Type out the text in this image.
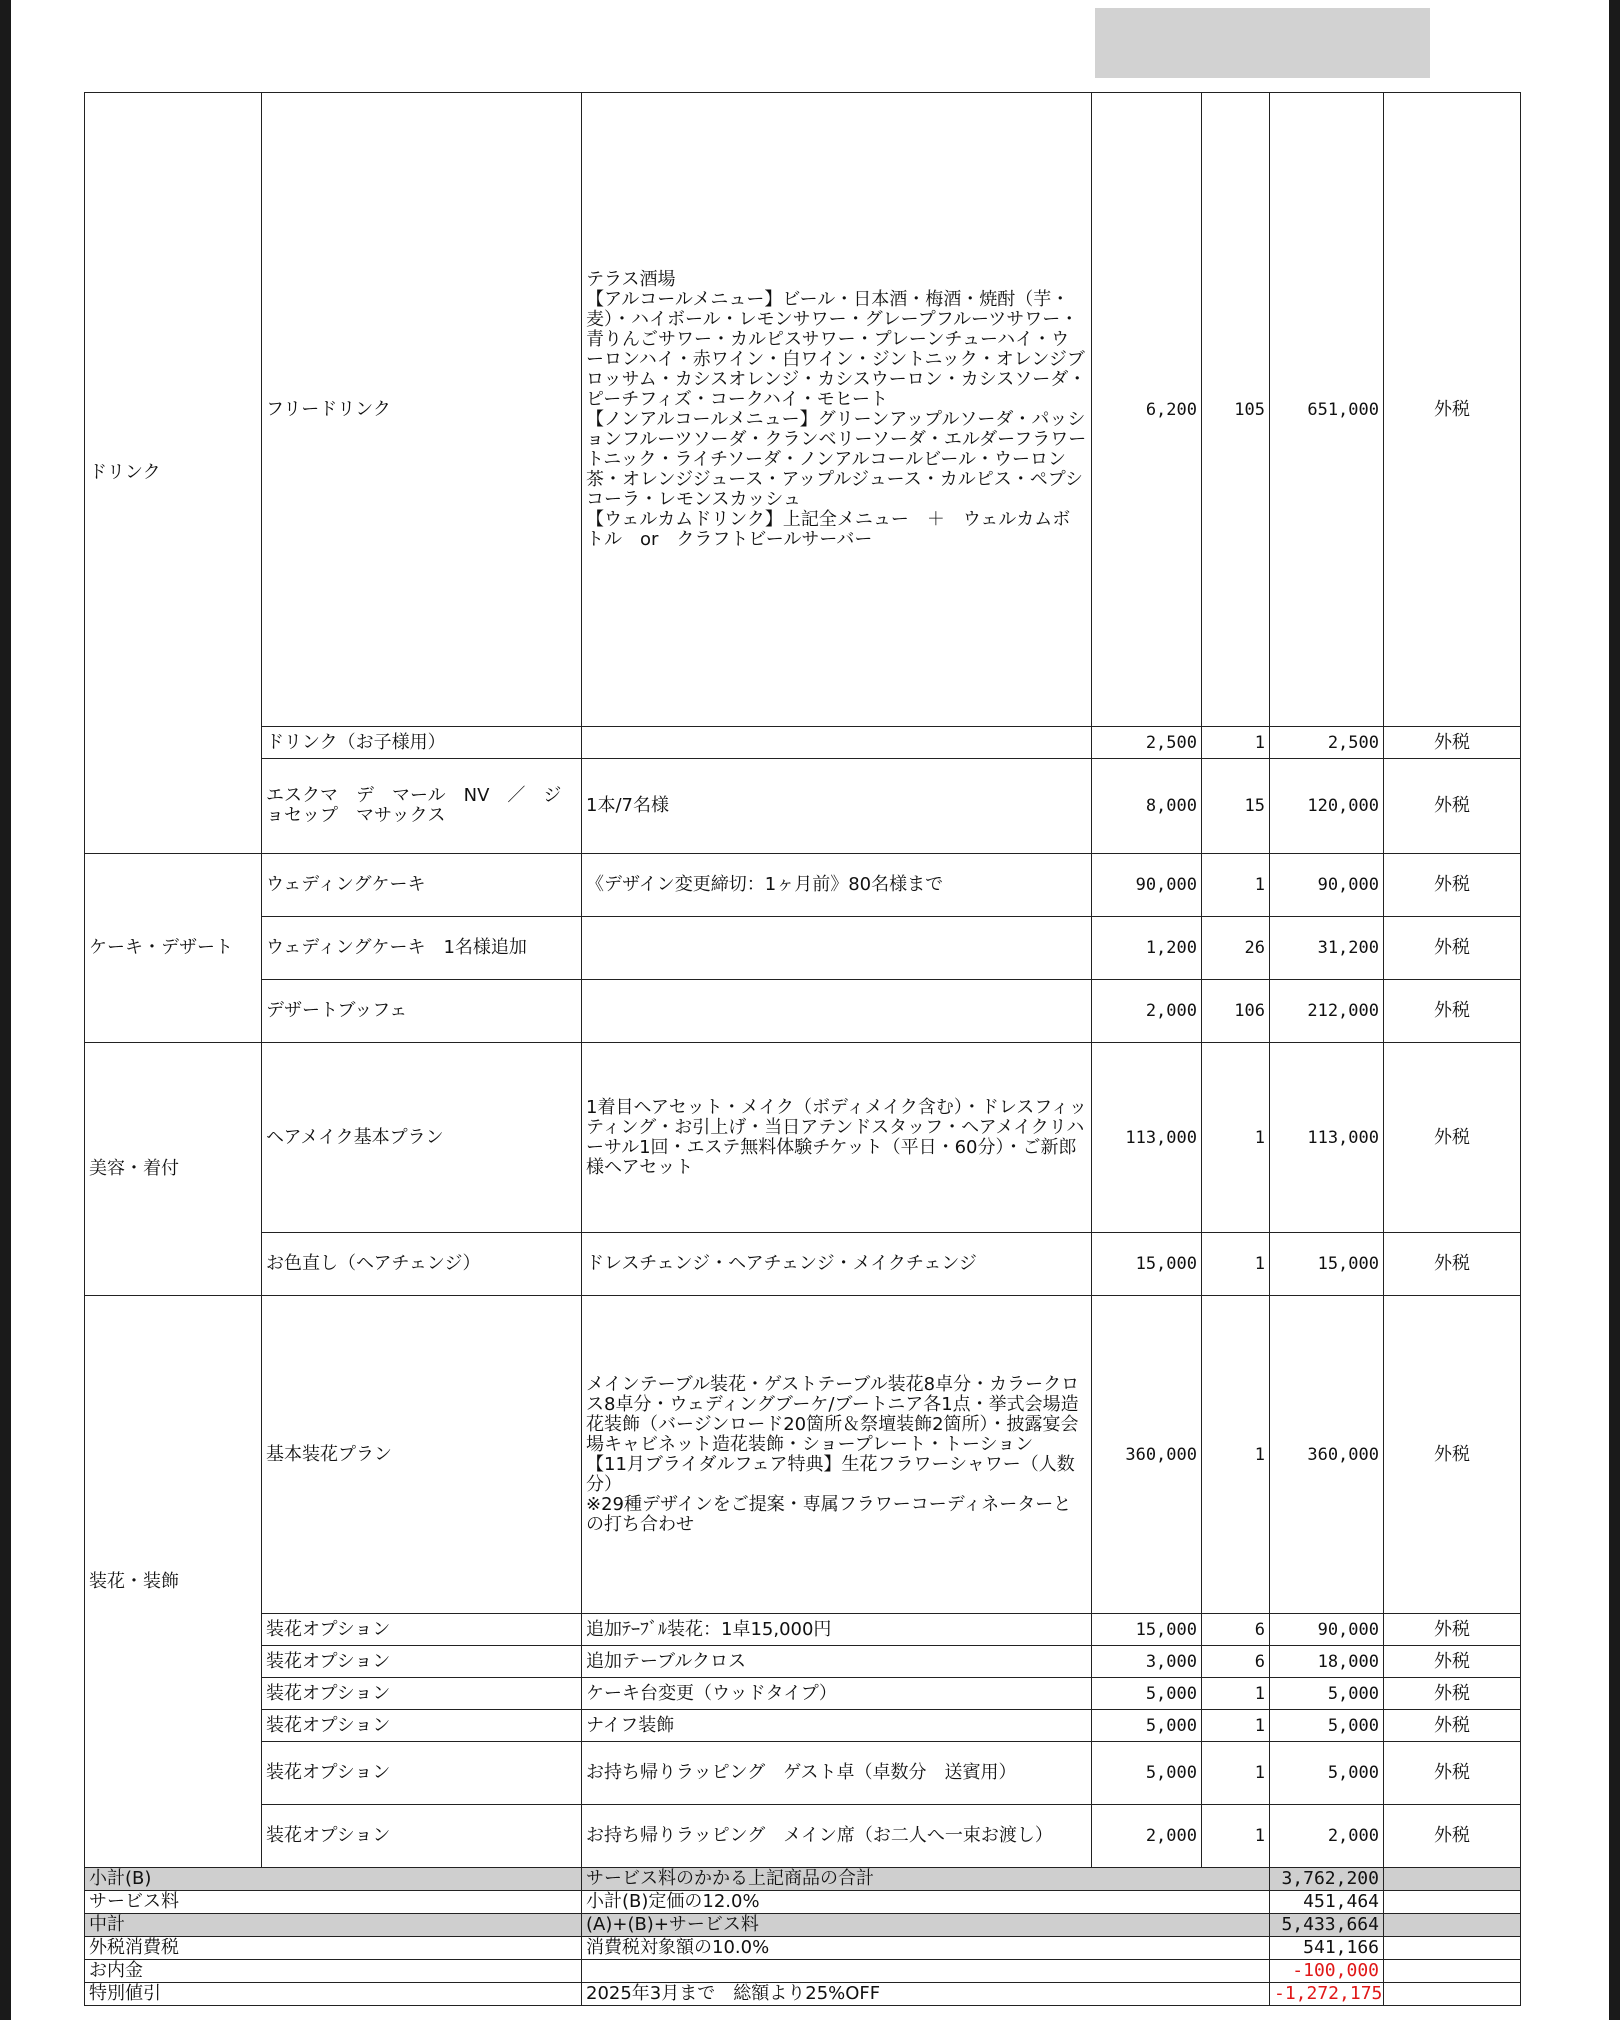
ドリンク	フリードリンク	テラス酒場
【アルコールメニュー】ビール・日本酒・梅酒・焼酎（芋・麦）・ハイボール・レモンサワー・グレープフルーツサワー・青りんごサワー・カルピスサワー・プレーンチューハイ・ウーロンハイ・赤ワイン・白ワイン・ジントニック・オレンジブロッサム・カシスオレンジ・カシスウーロン・カシスソーダ・ピーチフィズ・コークハイ・モヒート
【ノンアルコールメニュー】グリーンアップルソーダ・パッションフルーツソーダ・クランベリーソーダ・エルダーフラワートニック・ライチソーダ・ノンアルコールビール・ウーロン茶・オレンジジュース・アップルジュース・カルピス・ペプシコーラ・レモンスカッシュ
【ウェルカムドリンク】上記全メニュー　＋　ウェルカムボトル　or　クラフトビールサーバー	6,200	105	651,000	外税
	ドリンク（お子様用）		2,500	1	2,500	外税
	エスクマ　デ　マール　NV　／　ジョセップ　マサックス	1本/7名様	8,000	15	120,000	外税
ケーキ・デザート	ウェディングケーキ	《デザイン変更締切：1ヶ月前》80名様まで	90,000	1	90,000	外税
	ウェディングケーキ　1名様追加		1,200	26	31,200	外税
	デザートブッフェ		2,000	106	212,000	外税
美容・着付	ヘアメイク基本プラン	1着目ヘアセット・メイク（ボディメイク含む）・ドレスフィッティング・お引上げ・当日アテンドスタッフ・ヘアメイクリハーサル1回・エステ無料体験チケット（平日・60分）・ご新郎様ヘアセット	113,000	1	113,000	外税
	お色直し（ヘアチェンジ）	ドレスチェンジ・ヘアチェンジ・メイクチェンジ	15,000	1	15,000	外税
装花・装飾	基本装花プラン	メインテーブル装花・ゲストテーブル装花8卓分・カラークロス8卓分・ウェディングブーケ/ブートニア各1点・挙式会場造花装飾（バージンロード20箇所＆祭壇装飾2箇所）・披露宴会場キャビネット造花装飾・ショープレート・トーション
【11月ブライダルフェア特典】生花フラワーシャワー（人数分）
※29種デザインをご提案・専属フラワーコーディネーターとの打ち合わせ	360,000	1	360,000	外税
	装花オプション	追加ﾃｰﾌﾞﾙ装花：1卓15,000円	15,000	6	90,000	外税
	装花オプション	追加テーブルクロス	3,000	6	18,000	外税
	装花オプション	ケーキ台変更（ウッドタイプ）	5,000	1	5,000	外税
	装花オプション	ナイフ装飾	5,000	1	5,000	外税
	装花オプション	お持ち帰りラッピング　ゲスト卓（卓数分　送賓用）	5,000	1	5,000	外税
	装花オプション	お持ち帰りラッピング　メイン席（お二人へ一束お渡し）	2,000	1	2,000	外税
小計(B)		サービス料のかかる上記商品の合計			3,762,200	
サービス料		小計(B)定価の12.0%			451,464	
中計		(A)+(B)+サービス料			5,433,664	
外税消費税		消費税対象額の10.0%			541,166	
お内金					-100,000	
特別値引		2025年3月まで　総額より25%OFF			-1,272,175	
